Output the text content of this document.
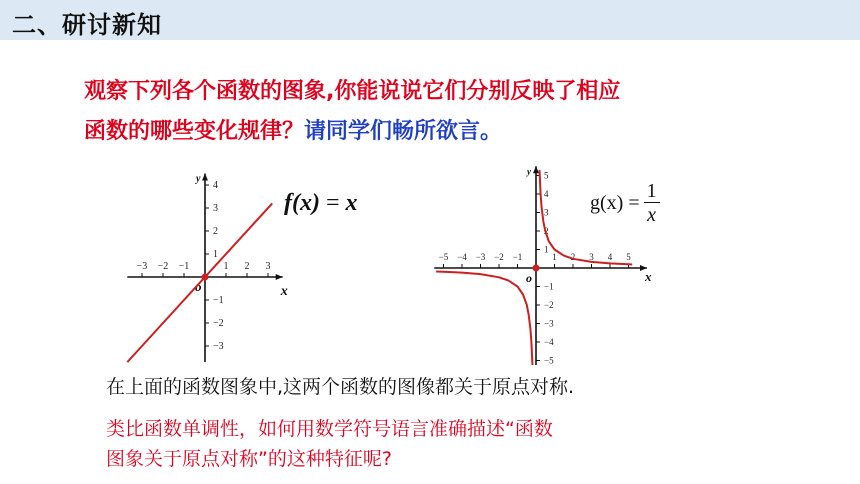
二、研讨新知
观察下列各个函数的图象,你能说说它们分别反映了相应
函数的哪些变化规律？请同学们畅所欲言。
−3 −2 −1	1 2 3
4
3
2
1
−1
−2
−3
x
y
o
f(x) = x
−5 −4 −3 −2 −1	1 2 3 4 5
5
4
3
2
1
−1
−2
−3
−4
−5
x
y
o
g(x) =
1
x
在上面的函数图象中,这两个函数的图像都关于原点对称.
类比函数单调性，如何用数学符号语言准确描述“函数
图象关于原点对称”的这种特征呢?
